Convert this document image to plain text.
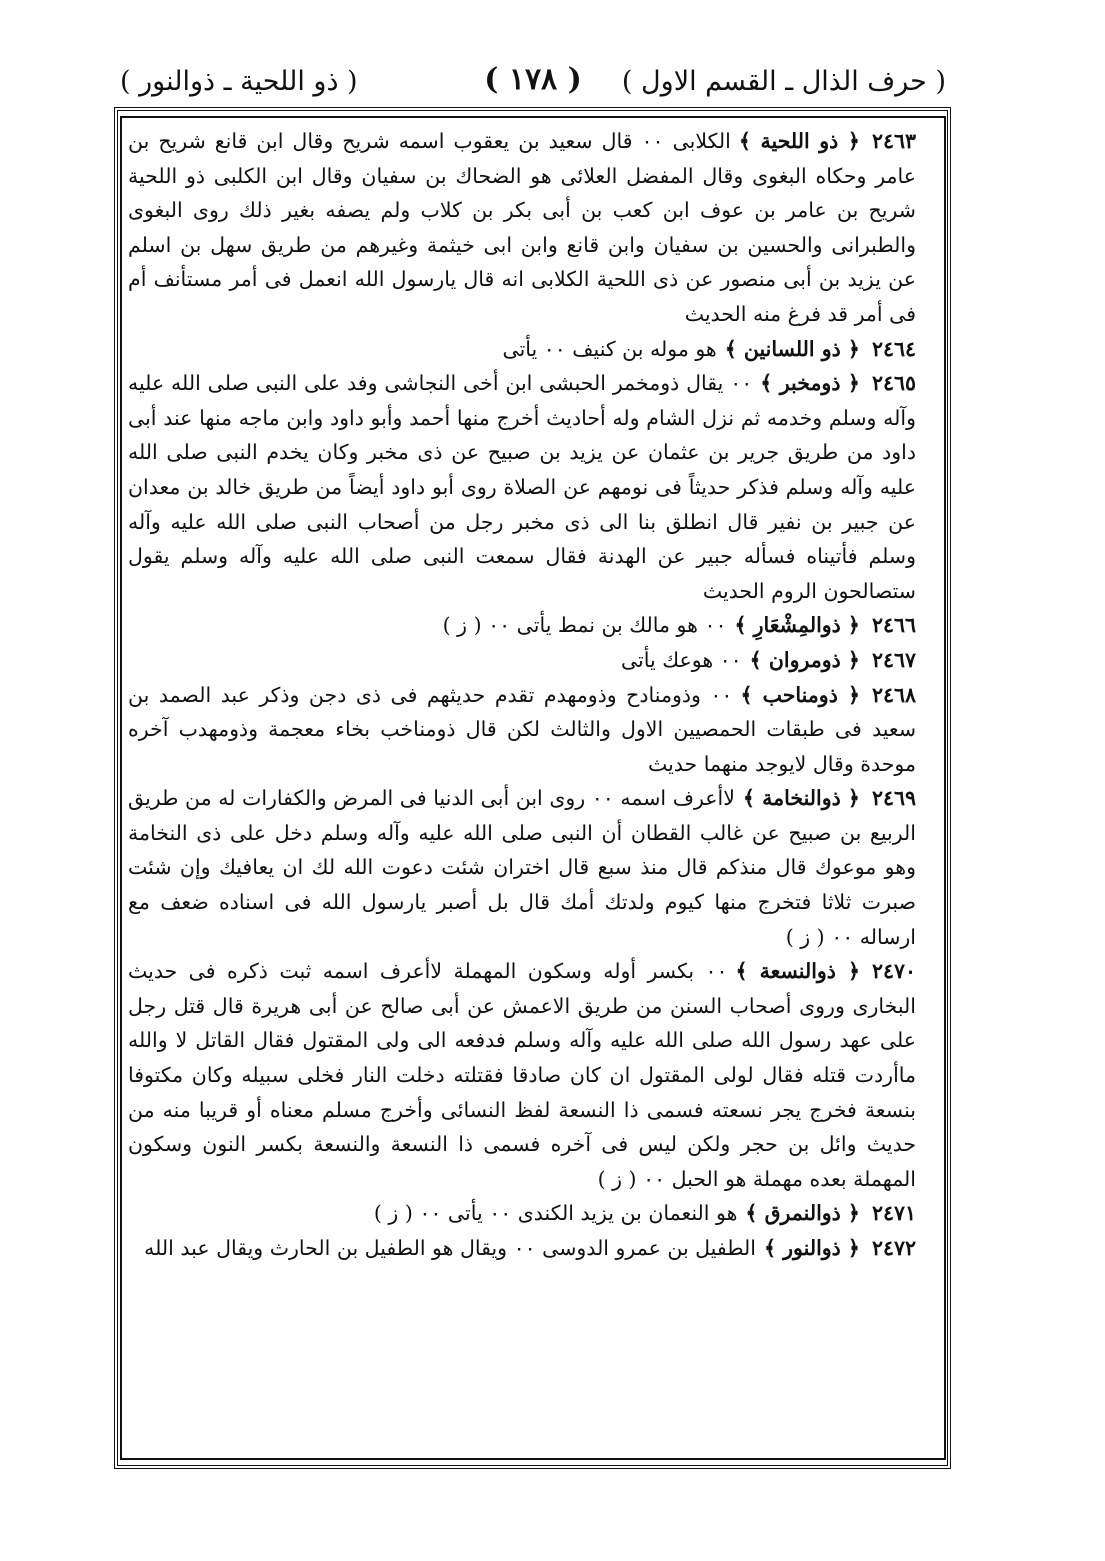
( حرف الذال ـ القسم الاول )
( ١٧٨ )
( ذو اللحية ـ ذوالنور )

٢٤٦٣﴿ ذو اللحية ﴾الكلابى ٠٠ قال سعيد بن يعقوب اسمه شريح وقال ابن قانع شريح بن عامر وحكاه البغوى وقال المفضل العلائى هو الضحاك بن سفيان وقال ابن الكلبى ذو اللحية شريح بن عامر بن عوف ابن كعب بن أبى بكر بن كلاب ولم يصفه بغير ذلك روى البغوى والطبرانى والحسين بن سفيان وابن قانع وابن ابى خيثمة وغيرهم من طريق سهل بن اسلم عن يزيد بن أبى منصور عن ذى اللحية الكلابى انه قال يارسول الله انعمل فى أمر مستأنف أم فى أمر قد فرغ منه الحديث

٢٤٦٤﴿ ذو اللسانين ﴾هو موله بن كنيف ٠٠ يأتى

٢٤٦٥﴿ ذومخبر ﴾٠٠ يقال ذومخمر الحبشى ابن أخى النجاشى وفد على النبى صلى الله عليه وآله وسلم وخدمه ثم نزل الشام وله أحاديث أخرج منها أحمد وأبو داود وابن ماجه منها عند أبى داود من طريق جرير بن عثمان عن يزيد بن صبيح عن ذى مخبر وكان يخدم النبى صلى الله عليه وآله وسلم فذكر حديثاً فى نومهم عن الصلاة روى أبو داود أيضاً من طريق خالد بن معدان عن جبير بن نفير قال انطلق بنا الى ذى مخبر رجل من أصحاب النبى صلى الله عليه وآله وسلم فأتيناه فسأله جبير عن الهدنة فقال سمعت النبى صلى الله عليه وآله وسلم يقول ستصالحون الروم الحديث

٢٤٦٦﴿ ذوالمِشْعَارِ ﴾٠٠ هو مالك بن نمط يأتى ٠٠ ( ز )

٢٤٦٧﴿ ذومروان ﴾٠٠ هوعك يأتى

٢٤٦٨﴿ ذومناحب ﴾٠٠ وذومنادح وذومهدم تقدم حديثهم فى ذى دجن وذكر عبد الصمد بن سعيد فى طبقات الحمصيين الاول والثالث لكن قال ذومناخب بخاء معجمة وذومهدب آخره موحدة وقال لايوجد منهما حديث

٢٤٦٩﴿ ذوالنخامة ﴾لاأعرف اسمه ٠٠ روى ابن أبى الدنيا فى المرض والكفارات له من طريق الربيع بن صبيح عن غالب القطان أن النبى صلى الله عليه وآله وسلم دخل على ذى النخامة وهو موعوك قال منذكم قال منذ سبع قال اختران شئت دعوت الله لك ان يعافيك وإن شئت صبرت ثلاثا فتخرج منها كيوم ولدتك أمك قال بل أصبر يارسول الله فى اسناده ضعف مع ارساله ٠٠ ( ز )

٢٤٧٠﴿ ذوالنسعة ﴾٠٠ بكسر أوله وسكون المهملة لاأعرف اسمه ثبت ذكره فى حديث البخارى وروى أصحاب السنن من طريق الاعمش عن أبى صالح عن أبى هريرة قال قتل رجل على عهد رسول الله صلى الله عليه وآله وسلم فدفعه الى ولى المقتول فقال القاتل لا والله ماأردت قتله فقال لولى المقتول ان كان صادقا فقتلته دخلت النار فخلى سبيله وكان مكتوفا بنسعة فخرج يجر نسعته فسمى ذا النسعة لفظ النسائى وأخرج مسلم معناه أو قريبا منه من حديث وائل بن حجر ولكن ليس فى آخره فسمى ذا النسعة والنسعة بكسر النون وسكون المهملة بعده مهملة هو الحبل ٠٠ ( ز )

٢٤٧١﴿ ذوالنمرق ﴾هو النعمان بن يزيد الكندى ٠٠ يأتى ٠٠ ( ز )

٢٤٧٢﴿ ذوالنور ﴾الطفيل بن عمرو الدوسى ٠٠ ويقال هو الطفيل بن الحارث ويقال عبد الله
